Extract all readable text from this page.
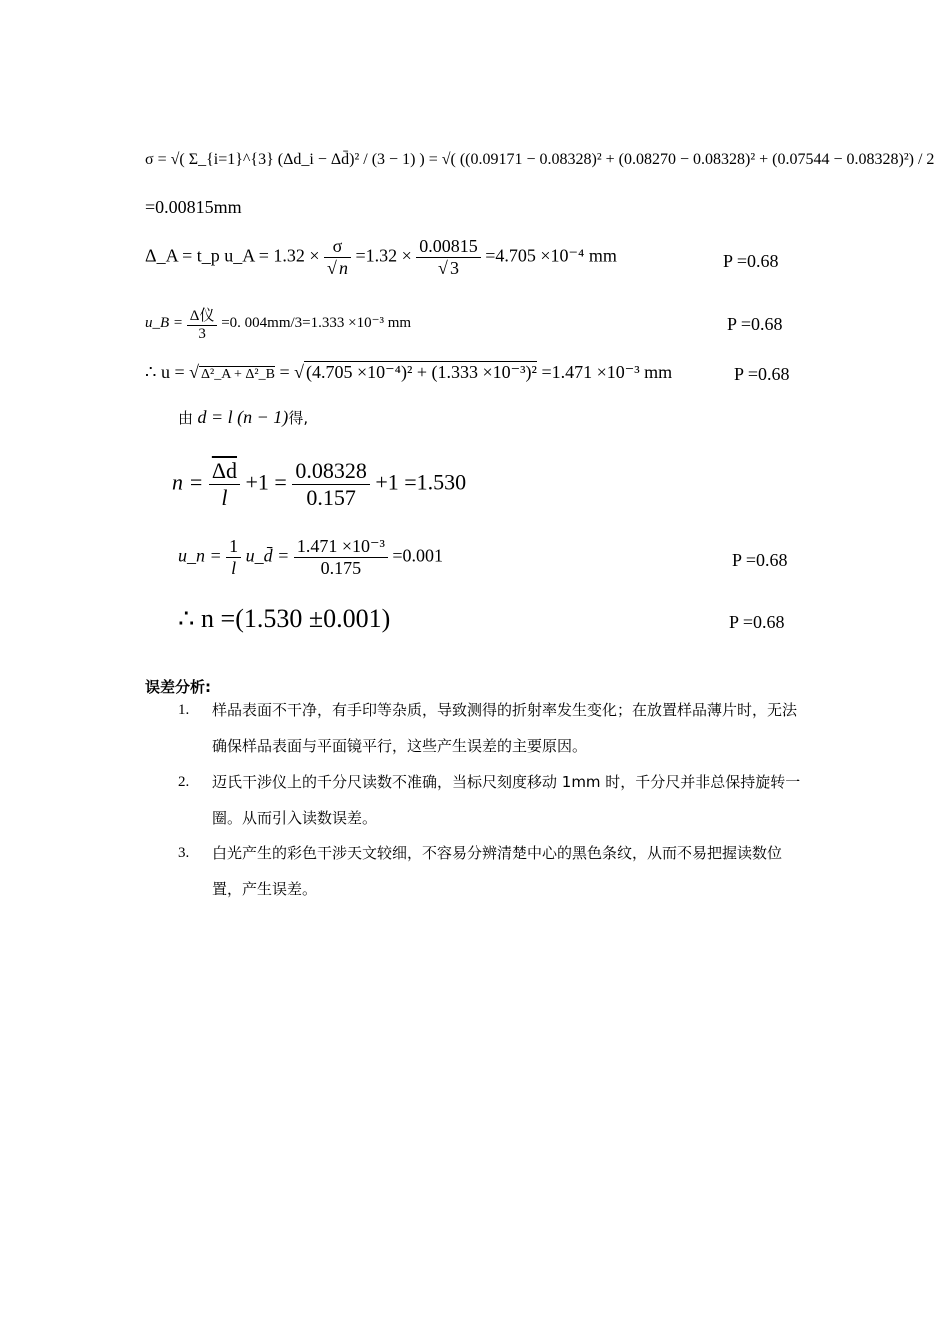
σ = √( Σ_{i=1}^{3} (Δd_i − Δd̄)² / (3 − 1) ) = √( ((0.09171 − 0.08328)² + (0.08270 − 0.08328)² + (0.07544 − 0.08328)²) / 2
=0.00815mm
Δ_A = t_p u_A = $1.32 \times \frac{\sigma}{√ n} =1.32 \times \frac{0.00815}{√ 3} =4.705 \times 10^{-4}$ mm	P =0.68
u_B = $\frac{\text{Δ仪}}{3} =0$. 004mm/3=1.333 ×10⁻³ mm	P =0.68
∴ u = √ Δ²_A + Δ²_B = √ (4.705 ×10⁻⁴)² + (1.333 ×10⁻³)² =1.471 ×10⁻³ mm	P =0.68
由 d = l (n − 1)得,
$n = \frac{\overline{\Delta d}}{l} +1 = \frac{0.08328}{0.157} +1 =1.530$
u_n = $\frac{1}{l}$ u_d̄ = $\frac{\text{1.471 ×10⁻³}}{0.175} =0.001$	P =0.68
∴ n =(1.530 ±0.001)	P =0.68
误差分析:
1. 样品表面不干净，有手印等杂质，导致测得的折射率发生变化；在放置样品薄片时，无法确保样品表面与平面镜平行，这些产生误差的主要原因。
2. 迈氏干涉仪上的千分尺读数不准确，当标尺刻度移动 1mm 时，千分尺并非总保持旋转一圈。从而引入读数误差。
3. 白光产生的彩色干涉天文较细，不容易分辨清楚中心的黑色条纹，从而不易把握读数位置，产生误差。
